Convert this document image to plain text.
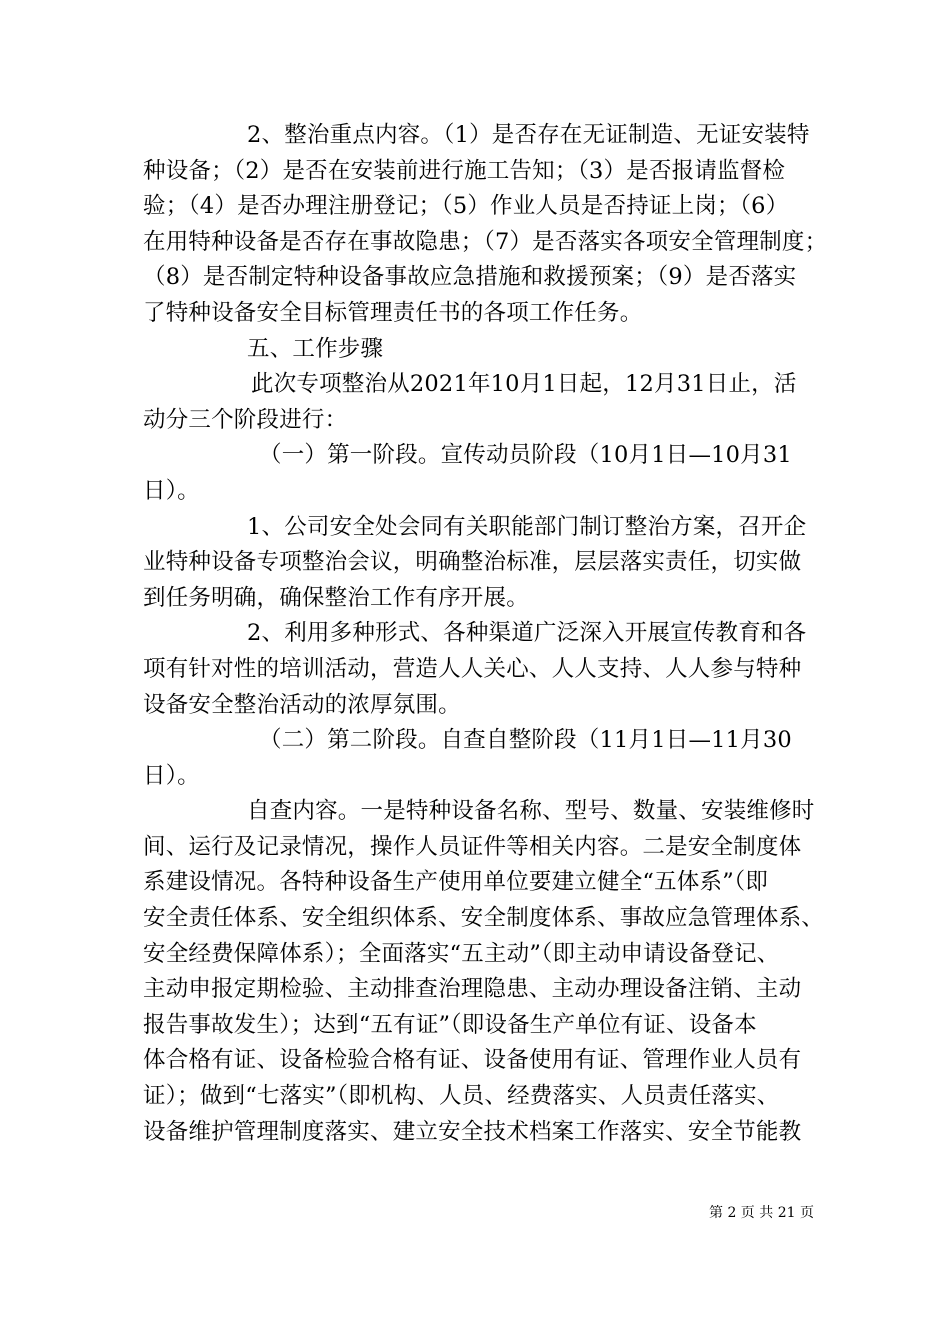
2、整治重点内容。（1）是否存在无证制造、无证安装特
种设备；（2）是否在安装前进行施工告知；（3）是否报请监督检
验；（4）是否办理注册登记；（5）作业人员是否持证上岗；（6）
在用特种设备是否存在事故隐患；（7）是否落实各项安全管理制度；
（8）是否制定特种设备事故应急措施和救援预案；（9）是否落实
了特种设备安全目标管理责任书的各项工作任务。
五、工作步骤
此次专项整治从2021年10月1日起，12月31日止，活
动分三个阶段进行：
（一）第一阶段。宣传动员阶段（10月1日—10月31
日）。
1、公司安全处会同有关职能部门制订整治方案，召开企
业特种设备专项整治会议，明确整治标准，层层落实责任，切实做
到任务明确，确保整治工作有序开展。
2、利用多种形式、各种渠道广泛深入开展宣传教育和各
项有针对性的培训活动，营造人人关心、人人支持、人人参与特种
设备安全整治活动的浓厚氛围。
（二）第二阶段。自查自整阶段（11月1日—11月30
日）。
自查内容。一是特种设备名称、型号、数量、安装维修时
间、运行及记录情况，操作人员证件等相关内容。二是安全制度体
系建设情况。各特种设备生产使用单位要建立健全“五体系”（即
安全责任体系、安全组织体系、安全制度体系、事故应急管理体系、
安全经费保障体系）；全面落实“五主动”（即主动申请设备登记、
主动申报定期检验、主动排查治理隐患、主动办理设备注销、主动
报告事故发生）；达到“五有证”（即设备生产单位有证、设备本
体合格有证、设备检验合格有证、设备使用有证、管理作业人员有
证）；做到“七落实”（即机构、人员、经费落实、人员责任落实、
设备维护管理制度落实、建立安全技术档案工作落实、安全节能教
第 2 页 共 21 页
